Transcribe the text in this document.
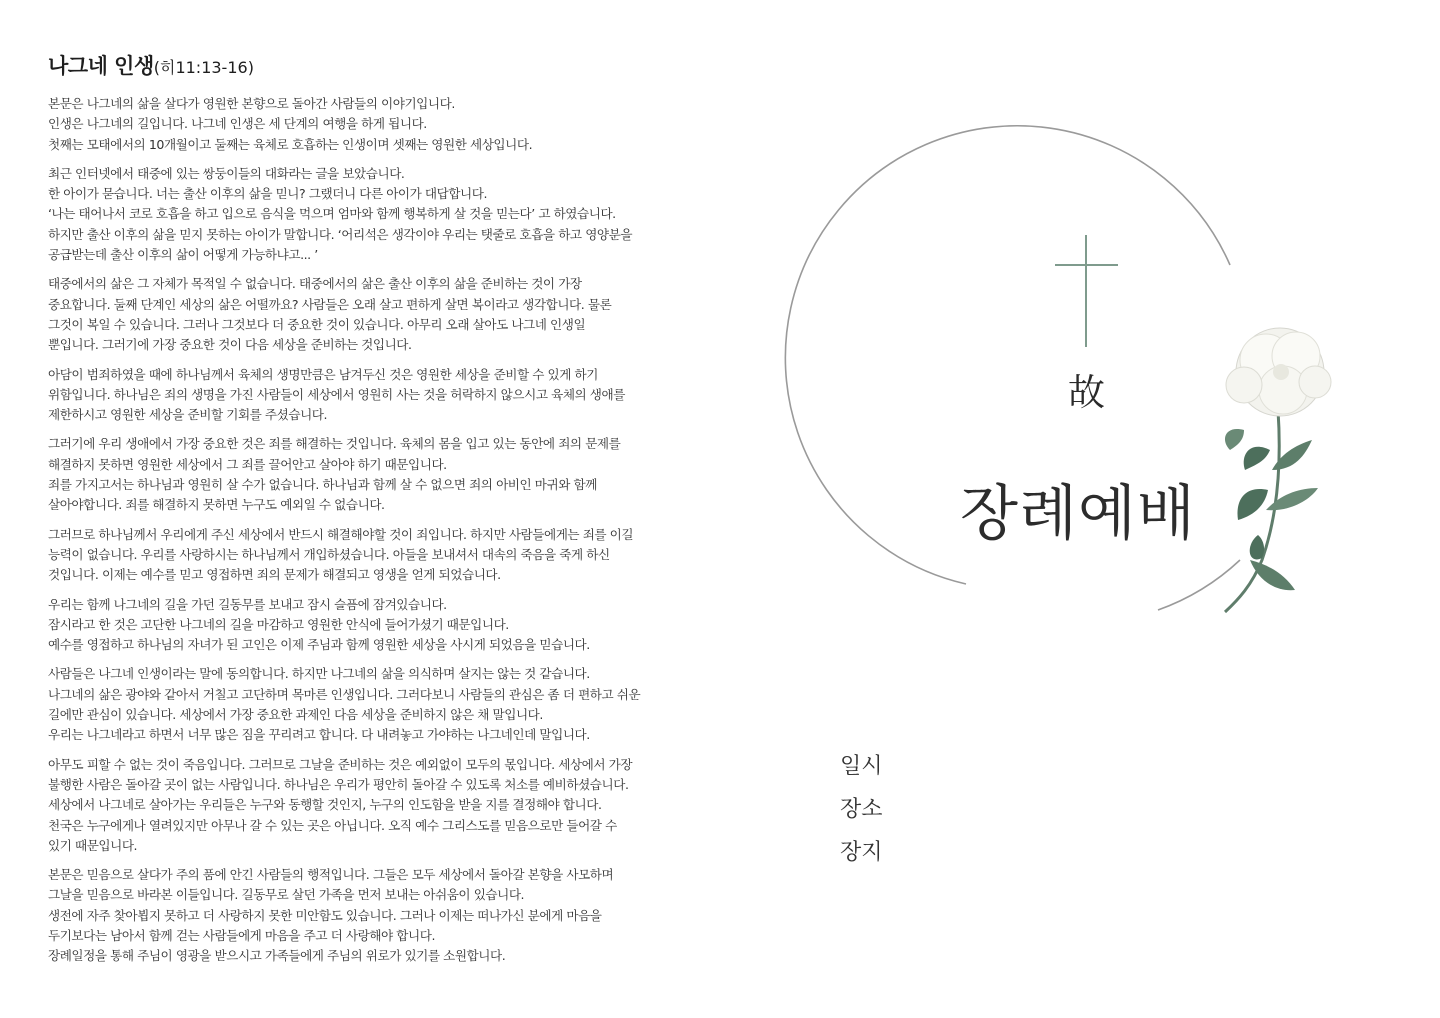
나그네 인생(히11:13-16)
본문은 나그네의 삶을 살다가 영원한 본향으로 돌아간 사람들의 이야기입니다.
인생은 나그네의 길입니다. 나그네 인생은 세 단계의 여행을 하게 됩니다.
첫째는 모태에서의 10개월이고 둘째는 육체로 호흡하는 인생이며 셋째는 영원한 세상입니다.
최근 인터넷에서 태중에 있는 쌍둥이들의 대화라는 글을 보았습니다.
한 아이가 묻습니다. 너는 출산 이후의 삶을 믿니? 그랬더니 다른 아이가 대답합니다.
‘나는 태어나서 코로 호흡을 하고 입으로 음식을 먹으며 엄마와 함께 행복하게 살 것을 믿는다’ 고 하였습니다.
하지만 출산 이후의 삶을 믿지 못하는 아이가 말합니다. ‘어리석은 생각이야 우리는 탯줄로 호흡을 하고 영양분을
공급받는데 출산 이후의 삶이 어떻게 가능하냐고... ’
태중에서의 삶은 그 자체가 목적일 수 없습니다. 태중에서의 삶은 출산 이후의 삶을 준비하는 것이 가장
중요합니다. 둘째 단계인 세상의 삶은 어떨까요? 사람들은 오래 살고 편하게 살면 복이라고 생각합니다. 물론
그것이 복일 수 있습니다. 그러나 그것보다 더 중요한 것이 있습니다. 아무리 오래 살아도 나그네 인생일
뿐입니다. 그러기에 가장 중요한 것이 다음 세상을 준비하는 것입니다.
아담이 범죄하였을 때에 하나님께서 육체의 생명만큼은 남겨두신 것은 영원한 세상을 준비할 수 있게 하기
위함입니다. 하나님은 죄의 생명을 가진 사람들이 세상에서 영원히 사는 것을 허락하지 않으시고 육체의 생애를
제한하시고 영원한 세상을 준비할 기회를 주셨습니다.
그러기에 우리 생애에서 가장 중요한 것은 죄를 해결하는 것입니다. 육체의 몸을 입고 있는 동안에 죄의 문제를
해결하지 못하면 영원한 세상에서 그 죄를 끌어안고 살아야 하기 때문입니다.
죄를 가지고서는 하나님과 영원히 살 수가 없습니다. 하나님과 함께 살 수 없으면 죄의 아비인 마귀와 함께
살아야합니다. 죄를 해결하지 못하면 누구도 예외일 수 없습니다.
그러므로 하나님께서 우리에게 주신 세상에서 반드시 해결해야할 것이 죄입니다. 하지만 사람들에게는 죄를 이길
능력이 없습니다. 우리를 사랑하시는 하나님께서 개입하셨습니다. 아들을 보내셔서 대속의 죽음을 죽게 하신
것입니다. 이제는 예수를 믿고 영접하면 죄의 문제가 해결되고 영생을 얻게 되었습니다.
우리는 함께 나그네의 길을 가던 길동무를 보내고 잠시 슬픔에 잠겨있습니다.
잠시라고 한 것은 고단한 나그네의 길을 마감하고 영원한 안식에 들어가셨기 때문입니다.
예수를 영접하고 하나님의 자녀가 된 고인은 이제 주님과 함께 영원한 세상을 사시게 되었음을 믿습니다.
사람들은 나그네 인생이라는 말에 동의합니다. 하지만 나그네의 삶을 의식하며 살지는 않는 것 같습니다.
나그네의 삶은 광야와 같아서 거칠고 고단하며 목마른 인생입니다. 그러다보니 사람들의 관심은 좀 더 편하고 쉬운
길에만 관심이 있습니다. 세상에서 가장 중요한 과제인 다음 세상을 준비하지 않은 채 말입니다.
우리는 나그네라고 하면서 너무 많은 짐을 꾸리려고 합니다. 다 내려놓고 가야하는 나그네인데 말입니다.
아무도 피할 수 없는 것이 죽음입니다. 그러므로 그날을 준비하는 것은 예외없이 모두의 몫입니다. 세상에서 가장
불행한 사람은 돌아갈 곳이 없는 사람입니다. 하나님은 우리가 평안히 돌아갈 수 있도록 처소를 예비하셨습니다.
세상에서 나그네로 살아가는 우리들은 누구와 동행할 것인지, 누구의 인도함을 받을 지를 결정해야 합니다.
천국은 누구에게나 열려있지만 아무나 갈 수 있는 곳은 아닙니다. 오직 예수 그리스도를 믿음으로만 들어갈 수
있기 때문입니다.
본문은 믿음으로 살다가 주의 품에 안긴 사람들의 행적입니다. 그들은 모두 세상에서 돌아갈 본향을 사모하며
그날을 믿음으로 바라본 이들입니다. 길동무로 살던 가족을 먼저 보내는 아쉬움이 있습니다.
생전에 자주 찾아뵙지 못하고 더 사랑하지 못한 미안함도 있습니다. 그러나 이제는 떠나가신 분에게 마음을
두기보다는 남아서 함께 걷는 사람들에게 마음을 주고 더 사랑해야 합니다.
장례일정을 통해 주님이 영광을 받으시고 가족들에게 주님의 위로가 있기를 소원합니다.
故
장례예배
일시
장소
장지
